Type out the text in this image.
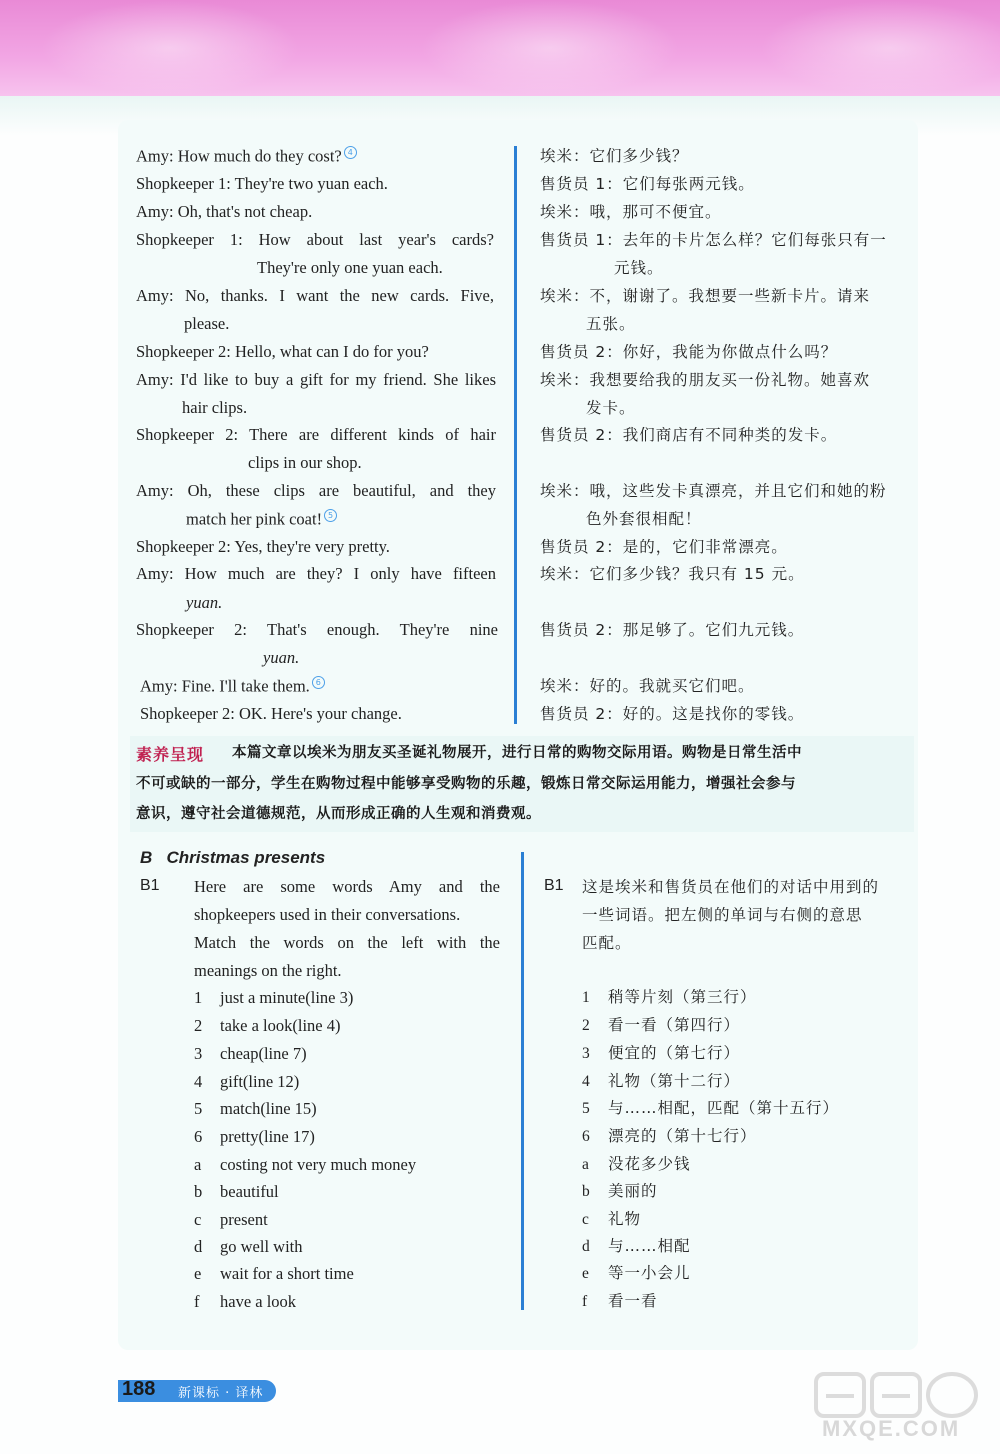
Amy: How much do they cost? 4
Shopkeeper 1: They're two yuan each.
Amy: Oh, that's not cheap.
Shopkeeper 1: How about last year's cards?
They're only one yuan each.
Amy: No, thanks. I want the new cards. Five,
please.
Shopkeeper 2: Hello, what can I do for you?
Amy: I'd like to buy a gift for my friend. She likes
hair clips.
Shopkeeper 2: There are different kinds of hair
clips in our shop.
Amy: Oh, these clips are beautiful, and they
match her pink coat! 5
Shopkeeper 2: Yes, they're very pretty.
Amy: How much are they? I only have fifteen
yuan.
Shopkeeper 2: That's enough. They're nine
yuan.
Amy: Fine. I'll take them. 6
Shopkeeper 2: OK. Here's your change.
埃米：它们多少钱？
售货员 1：它们每张两元钱。
埃米：哦，那可不便宜。
售货员 1：去年的卡片怎么样？它们每张只有一
元钱。
埃米：不，谢谢了。我想要一些新卡片。请来
五张。
售货员 2：你好，我能为你做点什么吗？
埃米：我想要给我的朋友买一份礼物。她喜欢
发卡。
售货员 2：我们商店有不同种类的发卡。
埃米：哦，这些发卡真漂亮，并且它们和她的粉
色外套很相配！
售货员 2：是的，它们非常漂亮。
埃米：它们多少钱？我只有 15 元。
售货员 2：那足够了。它们九元钱。
埃米：好的。我就买它们吧。
售货员 2：好的。这是找你的零钱。
素养呈现 本篇文章以埃米为朋友买圣诞礼物展开，进行日常的购物交际用语。购物是日常生活中
不可或缺的一部分，学生在购物过程中能够享受购物的乐趣，锻炼日常交际运用能力，增强社会参与
意识，遵守社会道德规范，从而形成正确的人生观和消费观。
B   Christmas presents
B1 Here are some words Amy and the
shopkeepers used in their conversations.
Match the words on the left with the
meanings on the right.
1 just a minute(line 3)
2 take a look(line 4)
3 cheap(line 7)
4 gift(line 12)
5 match(line 15)
6 pretty(line 17)
a costing not very much money
b beautiful
c present
d go well with
e wait for a short time
f have a look
B1 这是埃米和售货员在他们的对话中用到的
一些词语。把左侧的单词与右侧的意思
匹配。
1 稍等片刻（第三行）
2 看一看（第四行）
3 便宜的（第七行）
4 礼物（第十二行）
5 与……相配，匹配（第十五行）
6 漂亮的（第十七行）
a 没花多少钱
b 美丽的
c 礼物
d 与……相配
e 等一小会儿
f 看一看
188 新课标 · 译林
MXQE.COM
